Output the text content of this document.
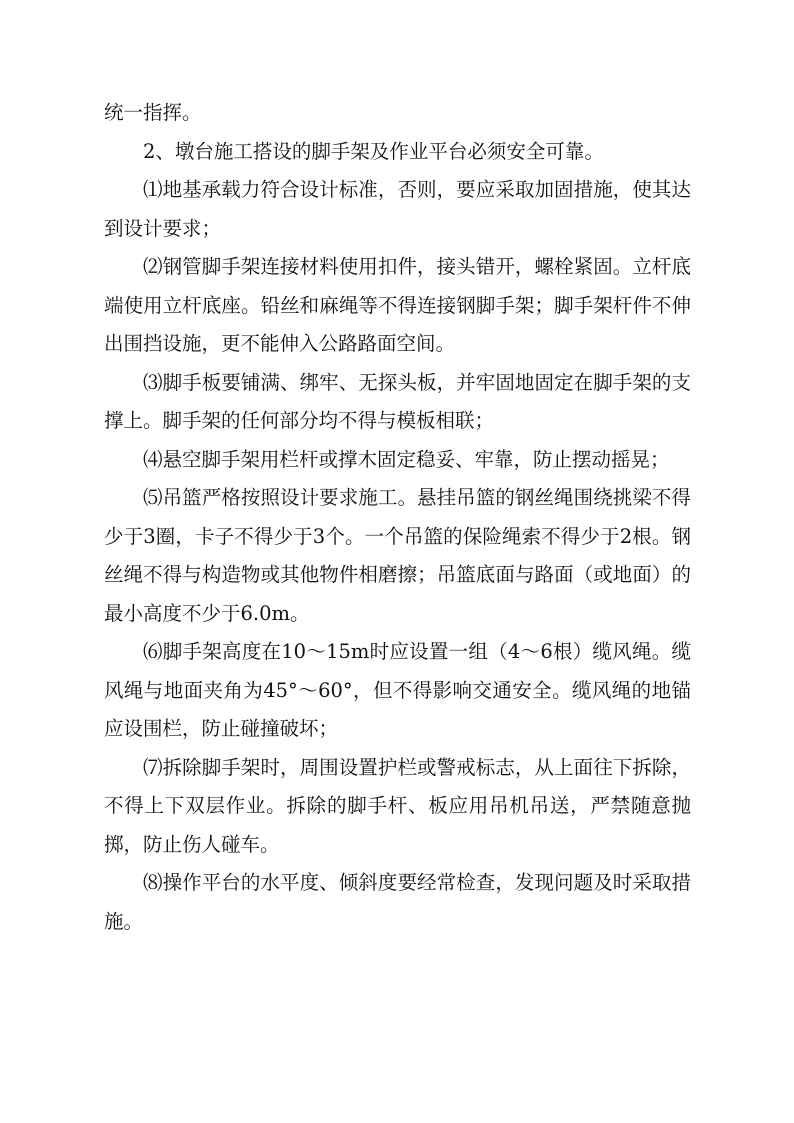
统一指挥。

2、墩台施工搭设的脚手架及作业平台必须安全可靠。

⑴地基承载力符合设计标准，否则，要应采取加固措施，使其达到设计要求；

⑵钢管脚手架连接材料使用扣件，接头错开，螺栓紧固。立杆底端使用立杆底座。铅丝和麻绳等不得连接钢脚手架；脚手架杆件不伸出围挡设施，更不能伸入公路路面空间。

⑶脚手板要铺满、绑牢、无探头板，并牢固地固定在脚手架的支撑上。脚手架的任何部分均不得与模板相联；

⑷悬空脚手架用栏杆或撑木固定稳妥、牢靠，防止摆动摇晃；

⑸吊篮严格按照设计要求施工。悬挂吊篮的钢丝绳围绕挑梁不得少于3圈，卡子不得少于3个。一个吊篮的保险绳索不得少于2根。钢丝绳不得与构造物或其他物件相磨擦；吊篮底面与路面（或地面）的最小高度不少于6.0m。

⑹脚手架高度在10～15m时应设置一组（4～6根）缆风绳。缆风绳与地面夹角为45°～60°，但不得影响交通安全。缆风绳的地锚应设围栏，防止碰撞破坏；

⑺拆除脚手架时，周围设置护栏或警戒标志，从上面往下拆除，不得上下双层作业。拆除的脚手杆、板应用吊机吊送，严禁随意抛掷，防止伤人碰车。

⑻操作平台的水平度、倾斜度要经常检查，发现问题及时采取措施。
